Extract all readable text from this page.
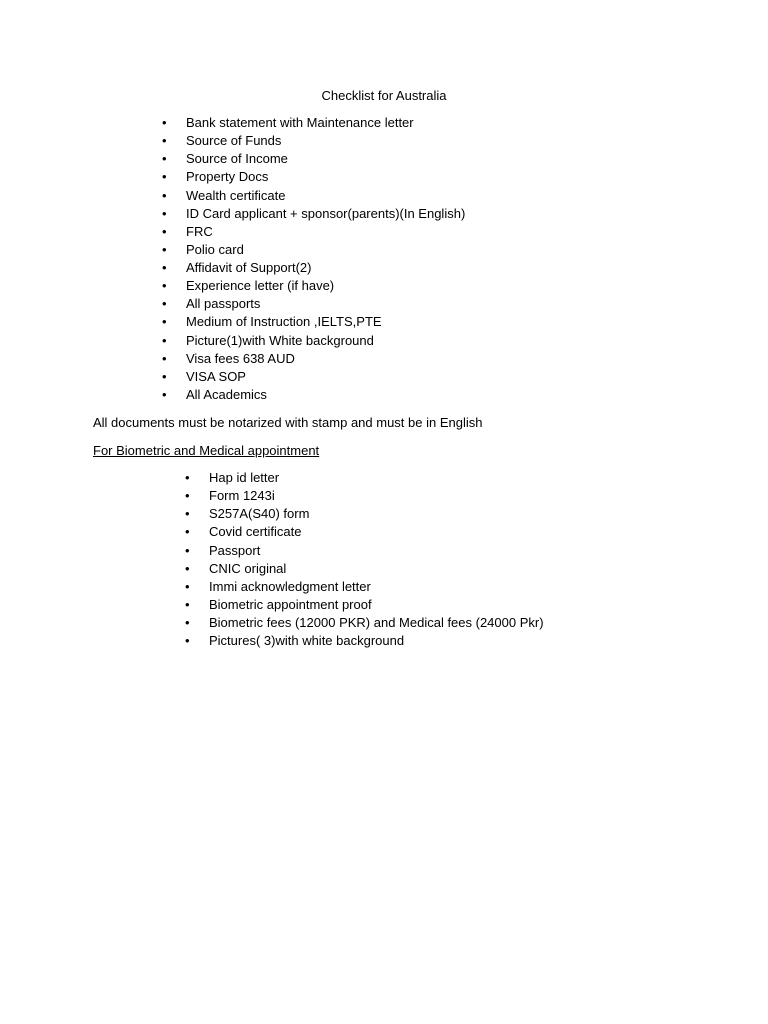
Checklist for Australia
• Bank statement with Maintenance letter
• Source of Funds
• Source of Income
• Property Docs
• Wealth certificate
• ID Card applicant + sponsor(parents)(In English)
• FRC
• Polio card
• Affidavit of Support(2)
• Experience letter (if have)
• All passports
• Medium of Instruction ,IELTS,PTE
• Picture(1)with White background
• Visa fees 638 AUD
• VISA SOP
• All Academics

All documents must be notarized with stamp and must be in English

For Biometric and Medical appointment
• Hap id letter
• Form 1243i
• S257A(S40) form
• Covid certificate
• Passport
• CNIC original
• Immi acknowledgment letter
• Biometric appointment proof
• Biometric fees (12000 PKR) and Medical fees (24000 Pkr)
• Pictures( 3)with white background
